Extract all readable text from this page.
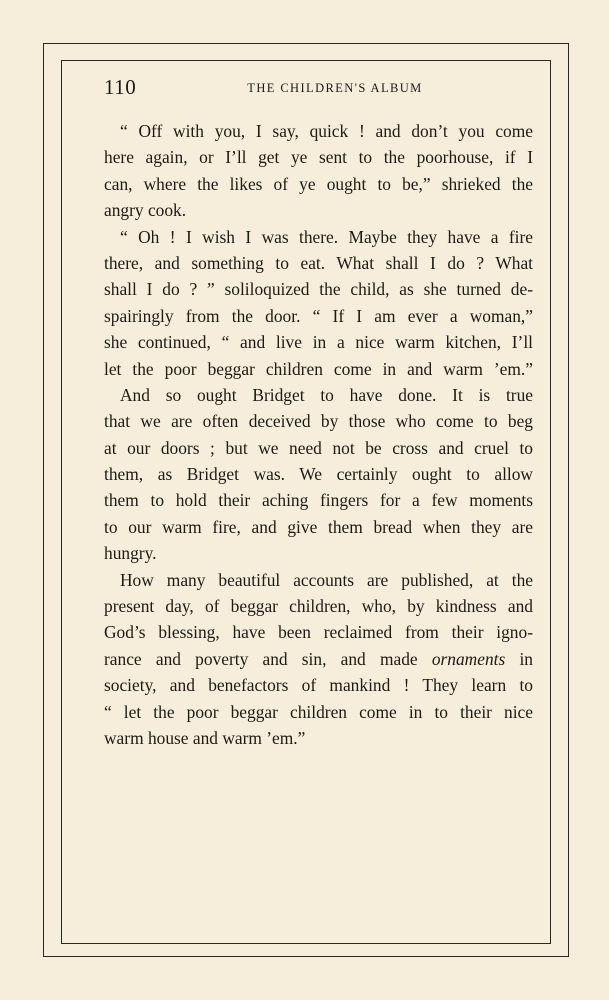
110	THE CHILDREN'S ALBUM
“ Off with you, I say, quick ! and don’t you come
here again, or I’ll get ye sent to the poorhouse, if I
can, where the likes of ye ought to be,” shrieked the
angry cook.
“ Oh ! I wish I was there. Maybe they have a fire
there, and something to eat. What shall I do ? What
shall I do ? ” soliloquized the child, as she turned de-
spairingly from the door. “ If I am ever a woman,”
she continued, “ and live in a nice warm kitchen, I’ll
let the poor beggar children come in and warm ’em.”
And so ought Bridget to have done. It is true
that we are often deceived by those who come to beg
at our doors ; but we need not be cross and cruel to
them, as Bridget was. We certainly ought to allow
them to hold their aching fingers for a few moments
to our warm fire, and give them bread when they are
hungry.
How many beautiful accounts are published, at the
present day, of beggar children, who, by kindness and
God’s blessing, have been reclaimed from their igno-
rance and poverty and sin, and made ornaments in
society, and benefactors of mankind ! They learn to
“ let the poor beggar children come in to their nice
warm house and warm ’em.”
